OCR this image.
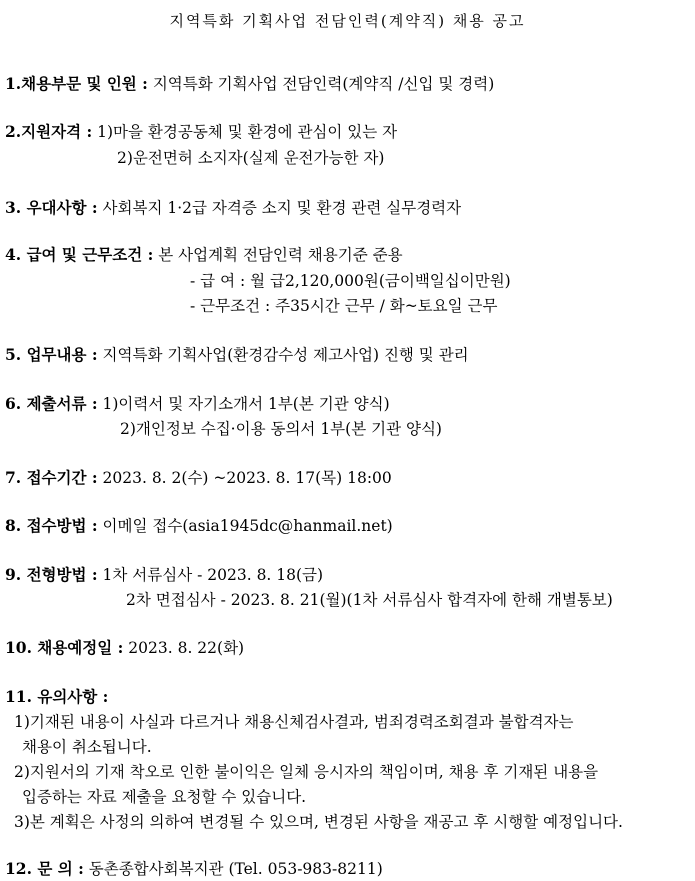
지역특화 기획사업 전담인력(계약직) 채용 공고
1.채용부문 및 인원 : 지역특화 기획사업 전담인력(계약직 /신입 및 경력)
2.지원자격 : 1)마을 환경공동체 및 환경에 관심이 있는 자
2)운전면허 소지자(실제 운전가능한 자)
3. 우대사항 : 사회복지 1·2급 자격증 소지 및 환경 관련 실무경력자
4. 급여 및 근무조건 : 본 사업계획 전담인력 채용기준 준용
- 급 여 : 월 급2,120,000원(금이백일십이만원)
- 근무조건 : 주35시간 근무 / 화~토요일 근무
5. 업무내용 : 지역특화 기획사업(환경감수성 제고사업) 진행 및 관리
6. 제출서류 : 1)이력서 및 자기소개서 1부(본 기관 양식)
2)개인정보 수집·이용 동의서 1부(본 기관 양식)
7. 접수기간 : 2023. 8. 2(수) ~2023. 8. 17(목) 18:00
8. 접수방법 : 이메일 접수(asia1945dc@hanmail.net)
9. 전형방법 : 1차 서류심사 - 2023. 8. 18(금)
2차 면접심사 - 2023. 8. 21(월)(1차 서류심사 합격자에 한해 개별통보)
10. 채용예정일 : 2023. 8. 22(화)
11. 유의사항 :
1)기재된 내용이 사실과 다르거나 채용신체검사결과, 범죄경력조회결과 불합격자는
채용이 취소됩니다.
2)지원서의 기재 착오로 인한 불이익은 일체 응시자의 책임이며, 채용 후 기재된 내용을
입증하는 자료 제출을 요청할 수 있습니다.
3)본 계획은 사정의 의하여 변경될 수 있으며, 변경된 사항을 재공고 후 시행할 예정입니다.
12. 문 의 : 동촌종합사회복지관 (Tel. 053-983-8211)
